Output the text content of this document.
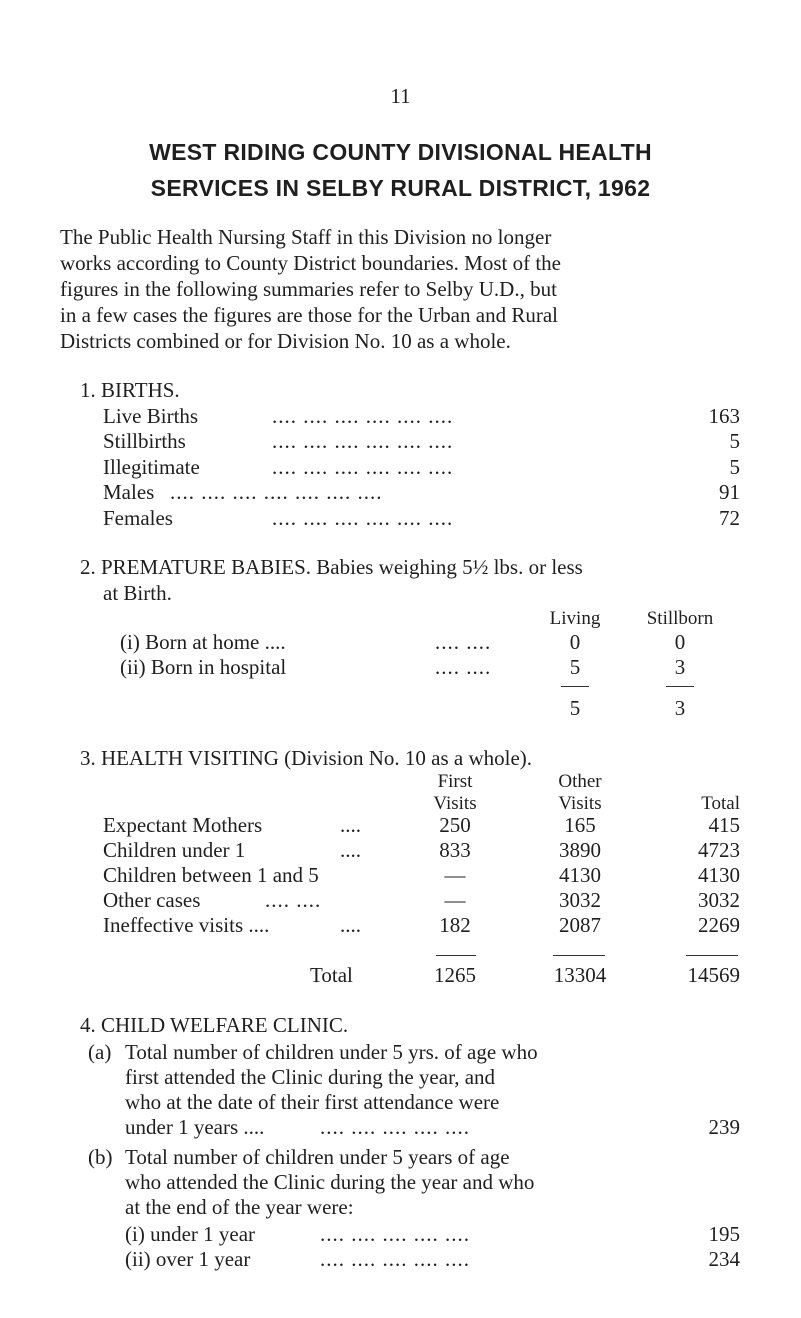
11
WEST RIDING COUNTY DIVISIONAL HEALTH
SERVICES IN SELBY RURAL DISTRICT, 1962
The Public Health Nursing Staff in this Division no longer
works according to County District boundaries. Most of the
figures in the following summaries refer to Selby U.D., but
in a few cases the figures are those for the Urban and Rural
Districts combined or for Division No. 10 as a whole.
1. BIRTHS.
Live Births	.... .... .... .... .... ....	163
Stillbirths	.... .... .... .... .... ....	5
Illegitimate	.... .... .... .... .... ....	5
Males .... .... .... .... .... .... ....	91
Females	.... .... .... .... .... ....	72
2. PREMATURE BABIES. Babies weighing 5½ lbs. or less
at Birth.
Living	Stillborn
(i) Born at home ....	.... ....	0	0
(ii) Born in hospital	.... ....	5	3
5	3
3. HEALTH VISITING (Division No. 10 as a whole).
First
Visits
Other
Visits	Total
Expectant Mothers	....	250	165	415
Children under 1	....	833	3890	4723
Children between 1 and 5	—	4130	4130
Other cases	.... ....	—	3032	3032
Ineffective visits ....	....	182	2087	2269
Total	1265	13304	14569
4. CHILD WELFARE CLINIC.
(a) Total number of children under 5 yrs. of age who
first attended the Clinic during the year, and
who at the date of their first attendance were
under 1 years ....	.... .... .... .... ....	239
(b) Total number of children under 5 years of age
who attended the Clinic during the year and who
at the end of the year were:
(i) under 1 year	.... .... .... .... ....	195
(ii) over 1 year	.... .... .... .... ....	234
